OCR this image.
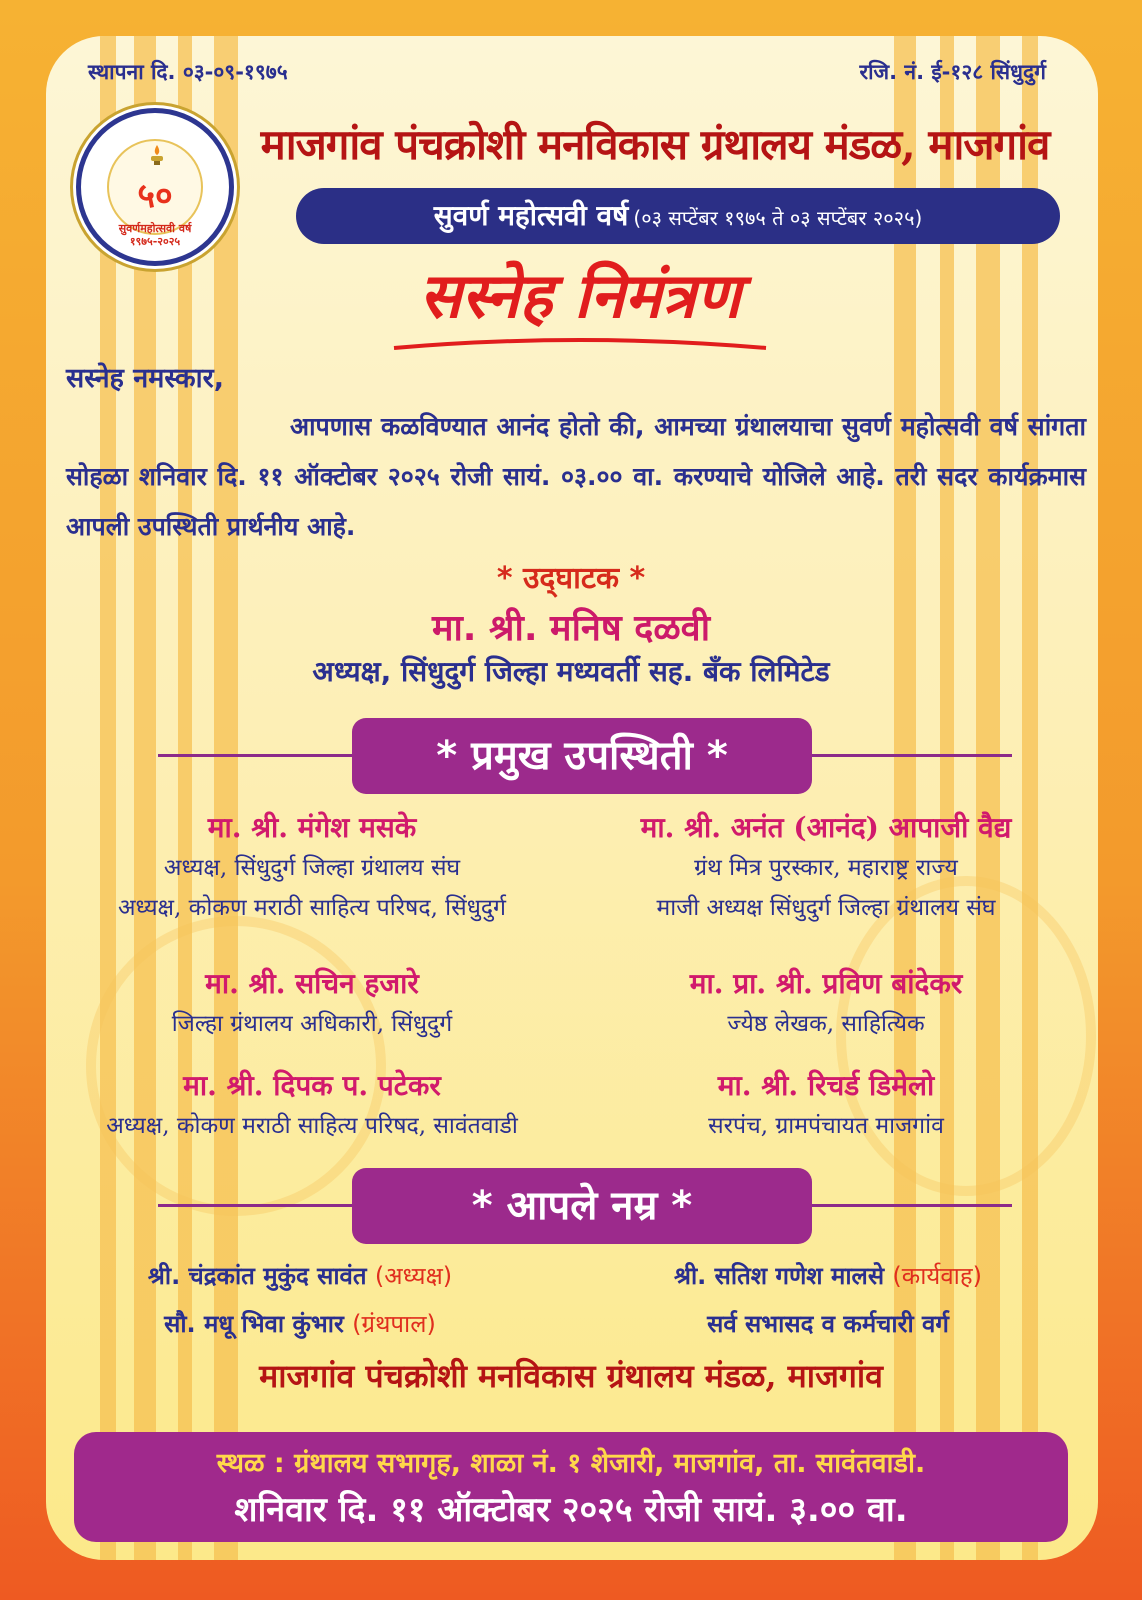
स्थापना दि. ०३-०९-१९७५	रजि. नं. ई-१२८ सिंधुदुर्ग
५०
सुवर्णमहोत्सवी वर्ष
१९७५-२०२५
माजगांव पंचक्रोशी मनविकास ग्रंथालय मंडळ, माजगांव
सुवर्ण महोत्सवी वर्ष (०३ सप्टेंबर १९७५ ते ०३ सप्टेंबर २०२५)
सस्नेह निमंत्रण
सस्नेह नमस्कार,
आपणास कळविण्यात आनंद होतो की, आमच्या ग्रंथालयाचा सुवर्ण महोत्सवी वर्ष सांगता सोहळा शनिवार दि. ११ ऑक्टोबर २०२५ रोजी सायं. ०३.०० वा. करण्याचे योजिले आहे. तरी सदर कार्यक्रमास आपली उपस्थिती प्रार्थनीय आहे.
* उद्‌घाटक *
मा. श्री. मनिष दळवी
अध्यक्ष, सिंधुदुर्ग जिल्हा मध्यवर्ती सह. बँक लिमिटेड
* प्रमुख उपस्थिती *
मा. श्री. मंगेश मसके
अध्यक्ष, सिंधुदुर्ग जिल्हा ग्रंथालय संघ
अध्यक्ष, कोकण मराठी साहित्य परिषद, सिंधुदुर्ग
मा. श्री. अनंत (आनंद) आपाजी वैद्य
ग्रंथ मित्र पुरस्कार, महाराष्ट्र राज्य
माजी अध्यक्ष सिंधुदुर्ग जिल्हा ग्रंथालय संघ
मा. श्री. सचिन हजारे
जिल्हा ग्रंथालय अधिकारी, सिंधुदुर्ग
मा. प्रा. श्री. प्रविण बांदेकर
ज्येष्ठ लेखक, साहित्यिक
मा. श्री. दिपक प. पटेकर
अध्यक्ष, कोकण मराठी साहित्य परिषद, सावंतवाडी
मा. श्री. रिचर्ड डिमेलो
सरपंच, ग्रामपंचायत माजगांव
* आपले नम्र *
श्री. चंद्रकांत मुकुंद सावंत (अध्यक्ष)	श्री. सतिश गणेश मालसे (कार्यवाह)
सौ. मधू भिवा कुंभार (ग्रंथपाल)	सर्व सभासद व कर्मचारी वर्ग
माजगांव पंचक्रोशी मनविकास ग्रंथालय मंडळ, माजगांव
स्थळ : ग्रंथालय सभागृह, शाळा नं. १ शेजारी, माजगांव, ता. सावंतवाडी.
शनिवार दि. ११ ऑक्टोबर २०२५ रोजी सायं. ३.०० वा.
